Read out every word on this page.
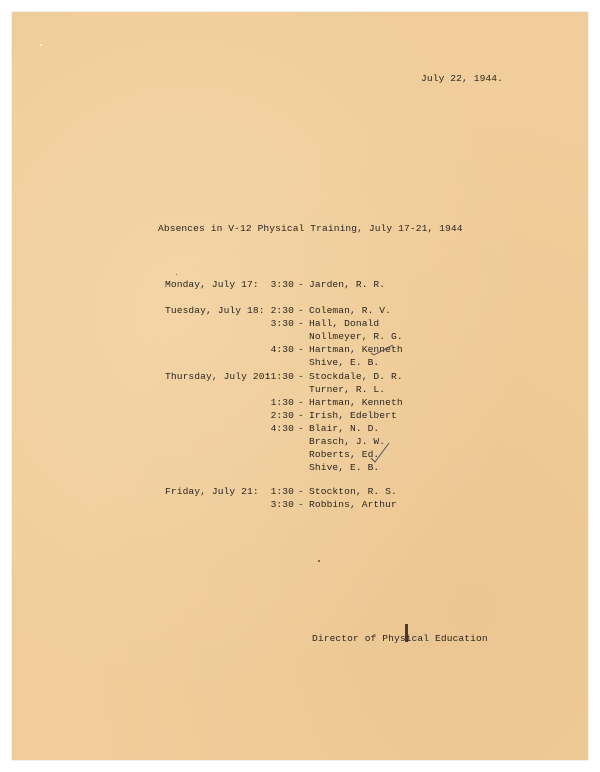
July 22, 1944.
Absences in V-12 Physical Training, July 17-21, 1944
Monday, July 17:	3:30 - Jarden, R. R.
Tuesday, July 18: 2:30 - Coleman, R. V.
3:30 - Hall, Donald
Nollmeyer, R. G.
4:30 - Hartman, Kenneth
Shive, E. B.
Thursday, July 20:
11:30 - Stockdale, D. R.
Turner, R. L.
1:30 - Hartman, Kenneth
2:30 - Irish, Edelbert
4:30 - Blair, N. D.
Brasch, J. W.
Roberts, Ed.
Shive, E. B.
Friday, July 21:	1:30 - Stockton, R. S.
3:30 - Robbins, Arthur
Director of Physical Education
